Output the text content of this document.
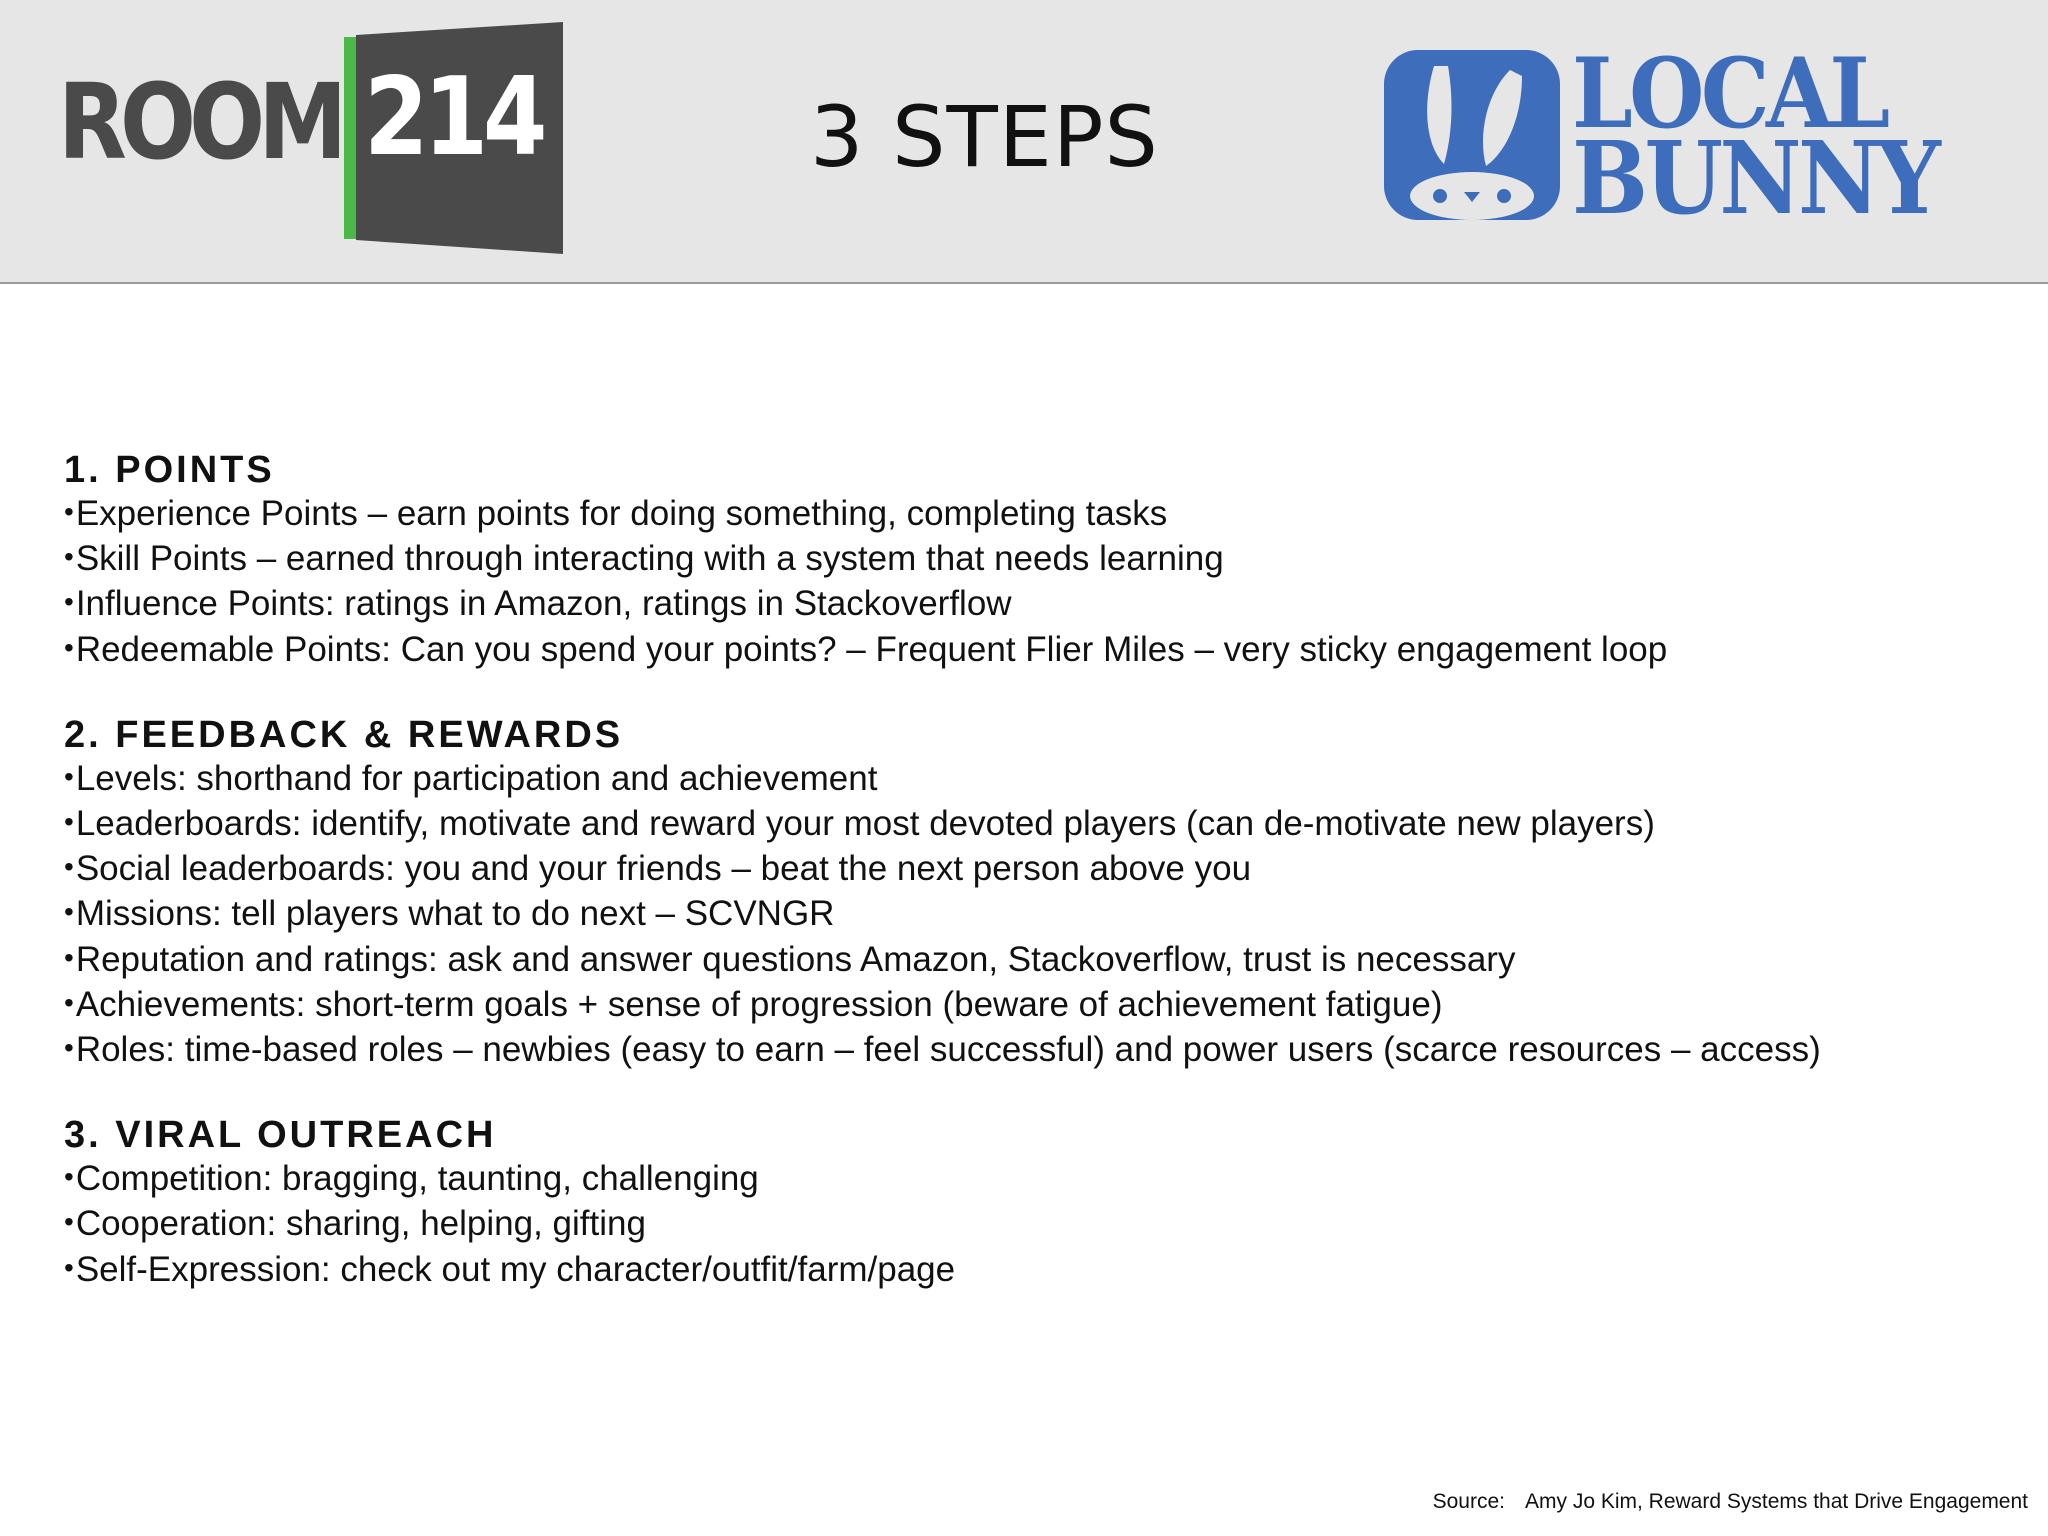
ROOM 214	3 STEPS	LOCAL
BUNNY
1. POINTS
•Experience Points – earn points for doing something, completing tasks
•Skill Points – earned through interacting with a system that needs learning
•Influence Points: ratings in Amazon, ratings in Stackoverflow
•Redeemable Points: Can you spend your points? – Frequent Flier Miles – very sticky engagement loop
2. FEEDBACK & REWARDS
•Levels: shorthand for participation and achievement
•Leaderboards: identify, motivate and reward your most devoted players (can de-motivate new players)
•Social leaderboards: you and your friends – beat the next person above you
•Missions: tell players what to do next – SCVNGR
•Reputation and ratings: ask and answer questions Amazon, Stackoverflow, trust is necessary
•Achievements: short-term goals + sense of progression (beware of achievement fatigue)
•Roles: time-based roles – newbies (easy to earn – feel successful) and power users (scarce resources – access)
3. VIRAL OUTREACH
•Competition: bragging, taunting, challenging
•Cooperation: sharing, helping, gifting
•Self-Expression: check out my character/outfit/farm/page
Source: Amy Jo Kim, Reward Systems that Drive Engagement
